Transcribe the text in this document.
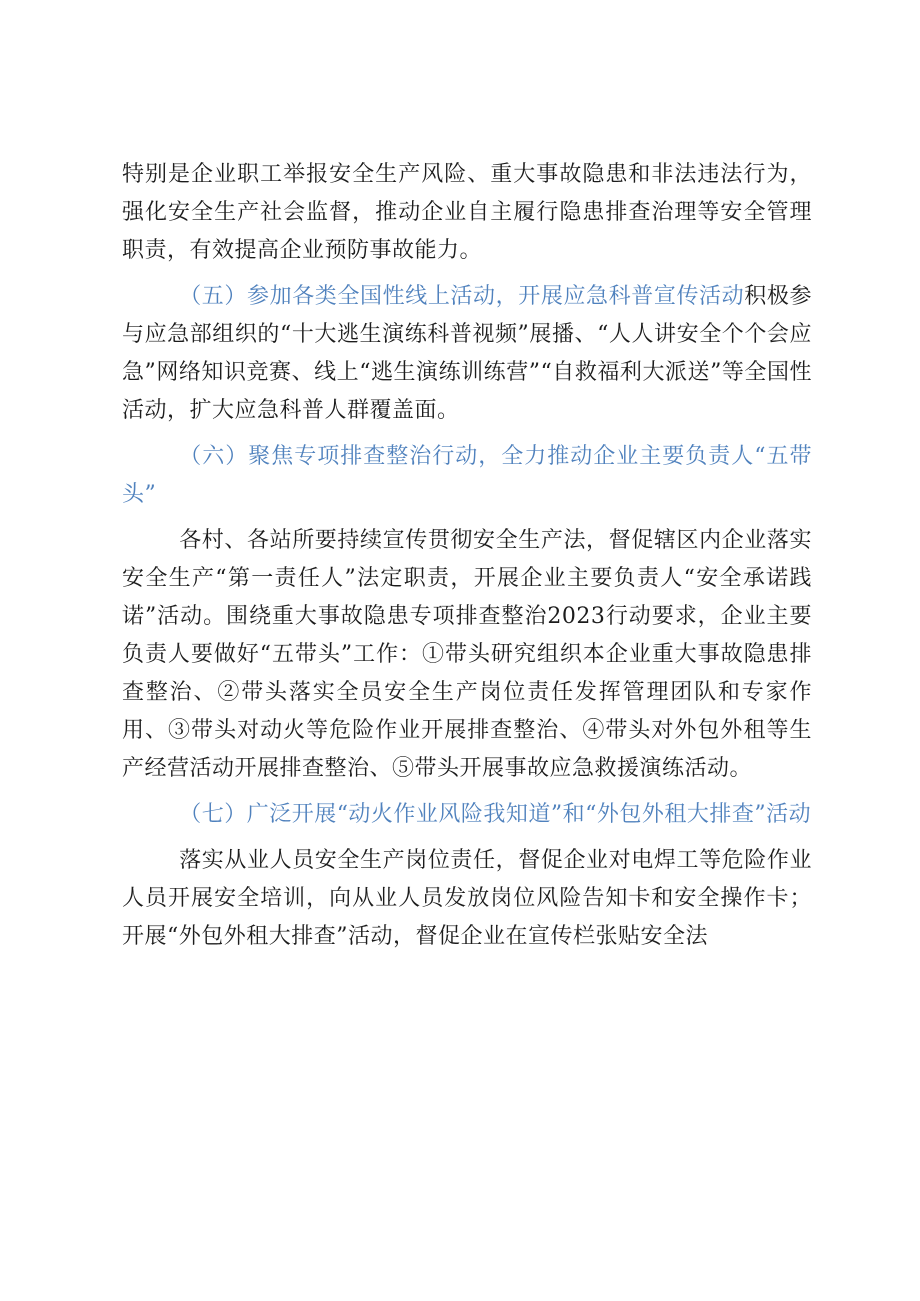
特别是企业职工举报安全生产风险、重大事故隐患和非法违法行为，强化安全生产社会监督，推动企业自主履行隐患排查治理等安全管理职责，有效提高企业预防事故能力。

（五）参加各类全国性线上活动，开展应急科普宣传活动积极参与应急部组织的“十大逃生演练科普视频”展播、“人人讲安全个个会应急”网络知识竞赛、线上“逃生演练训练营”“自救福利大派送”等全国性活动，扩大应急科普人群覆盖面。

（六）聚焦专项排查整治行动，全力推动企业主要负责人“五带头”

各村、各站所要持续宣传贯彻安全生产法，督促辖区内企业落实安全生产“第一责任人”法定职责，开展企业主要负责人“安全承诺践诺”活动。围绕重大事故隐患专项排查整治2023行动要求，企业主要负责人要做好“五带头”工作：①带头研究组织本企业重大事故隐患排查整治、②带头落实全员安全生产岗位责任发挥管理团队和专家作用、③带头对动火等危险作业开展排查整治、④带头对外包外租等生产经营活动开展排查整治、⑤带头开展事故应急救援演练活动。

（七）广泛开展“动火作业风险我知道”和“外包外租大排查”活动

落实从业人员安全生产岗位责任，督促企业对电焊工等危险作业人员开展安全培训，向从业人员发放岗位风险告知卡和安全操作卡；开展“外包外租大排查”活动，督促企业在宣传栏张贴安全法
